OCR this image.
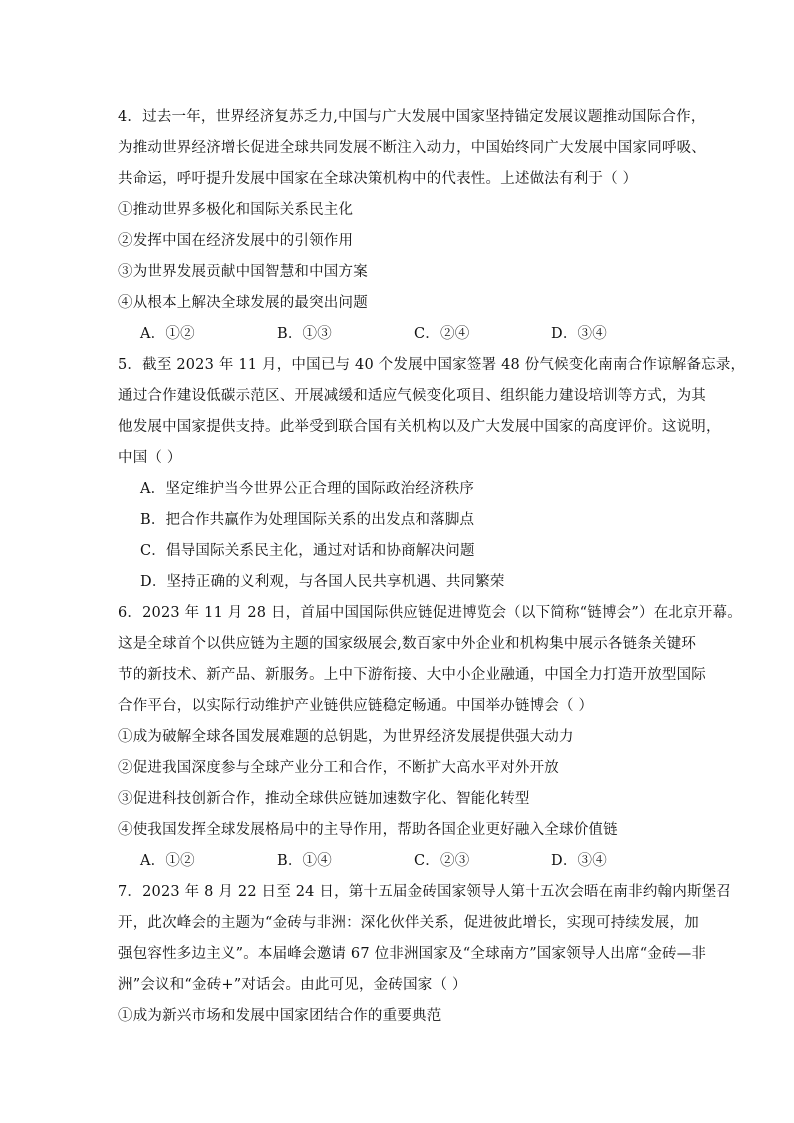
4．过去一年，世界经济复苏乏力,中国与广大发展中国家坚持锚定发展议题推动国际合作，
为推动世界经济增长促进全球共同发展不断注入动力，中国始终同广大发展中国家同呼吸、
共命运，呼吁提升发展中国家在全球决策机构中的代表性。上述做法有利于（ ）
①推动世界多极化和国际关系民主化
②发挥中国在经济发展中的引领作用
③为世界发展贡献中国智慧和中国方案
④从根本上解决全球发展的最突出问题
A．①②	B．①③	C．②④	D．③④
5．截至 2023 年 11 月，中国已与 40 个发展中国家签署 48 份气候变化南南合作谅解备忘录，
通过合作建设低碳示范区、开展减缓和适应气候变化项目、组织能力建设培训等方式，为其
他发展中国家提供支持。此举受到联合国有关机构以及广大发展中国家的高度评价。这说明，
中国（ ）
A．坚定维护当今世界公正合理的国际政治经济秩序
B．把合作共赢作为处理国际关系的出发点和落脚点
C．倡导国际关系民主化，通过对话和协商解决问题
D．坚持正确的义利观，与各国人民共享机遇、共同繁荣
6．2023 年 11 月 28 日，首届中国国际供应链促进博览会（以下简称“链博会”）在北京开幕。
这是全球首个以供应链为主题的国家级展会,数百家中外企业和机构集中展示各链条关键环
节的新技术、新产品、新服务。上中下游衔接、大中小企业融通，中国全力打造开放型国际
合作平台，以实际行动维护产业链供应链稳定畅通。中国举办链博会（ ）
①成为破解全球各国发展难题的总钥匙，为世界经济发展提供强大动力
②促进我国深度参与全球产业分工和合作，不断扩大高水平对外开放
③促进科技创新合作，推动全球供应链加速数字化、智能化转型
④使我国发挥全球发展格局中的主导作用，帮助各国企业更好融入全球价值链
A．①②	B．①④	C．②③	D．③④
7．2023 年 8 月 22 日至 24 日，第十五届金砖国家领导人第十五次会晤在南非约翰内斯堡召
开，此次峰会的主题为“金砖与非洲：深化伙伴关系，促进彼此增长，实现可持续发展，加
强包容性多边主义”。本届峰会邀请 67 位非洲国家及“全球南方”国家领导人出席“金砖—非
洲”会议和“金砖+”对话会。由此可见，金砖国家（ ）
①成为新兴市场和发展中国家团结合作的重要典范
